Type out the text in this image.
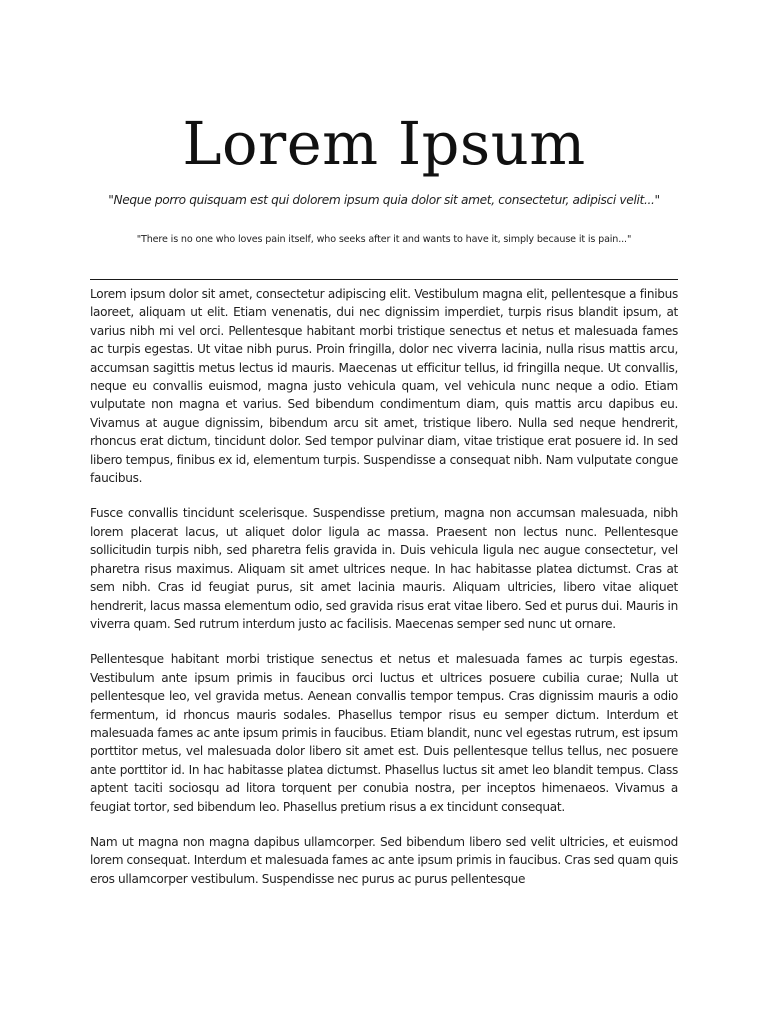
Lorem Ipsum

"Neque porro quisquam est qui dolorem ipsum quia dolor sit amet, consectetur, adipisci velit..."

"There is no one who loves pain itself, who seeks after it and wants to have it, simply because it is pain..."

Lorem ipsum dolor sit amet, consectetur adipiscing elit. Vestibulum magna elit, pellentesque a finibus laoreet, aliquam ut elit. Etiam venenatis, dui nec dignissim imperdiet, turpis risus blandit ipsum, at varius nibh mi vel orci. Pellentesque habitant morbi tristique senectus et netus et malesuada fames ac turpis egestas. Ut vitae nibh purus. Proin fringilla, dolor nec viverra lacinia, nulla risus mattis arcu, accumsan sagittis metus lectus id mauris. Maecenas ut efficitur tellus, id fringilla neque. Ut convallis, neque eu convallis euismod, magna justo vehicula quam, vel vehicula nunc neque a odio. Etiam vulputate non magna et varius. Sed bibendum condimentum diam, quis mattis arcu dapibus eu. Vivamus at augue dignissim, bibendum arcu sit amet, tristique libero. Nulla sed neque hendrerit, rhoncus erat dictum, tincidunt dolor. Sed tempor pulvinar diam, vitae tristique erat posuere id. In sed libero tempus, finibus ex id, elementum turpis. Suspendisse a consequat nibh. Nam vulputate congue faucibus.

Fusce convallis tincidunt scelerisque. Suspendisse pretium, magna non accumsan malesuada, nibh lorem placerat lacus, ut aliquet dolor ligula ac massa. Praesent non lectus nunc. Pellentesque sollicitudin turpis nibh, sed pharetra felis gravida in. Duis vehicula ligula nec augue consectetur, vel pharetra risus maximus. Aliquam sit amet ultrices neque. In hac habitasse platea dictumst. Cras at sem nibh. Cras id feugiat purus, sit amet lacinia mauris. Aliquam ultricies, libero vitae aliquet hendrerit, lacus massa elementum odio, sed gravida risus erat vitae libero. Sed et purus dui. Mauris in viverra quam. Sed rutrum interdum justo ac facilisis. Maecenas semper sed nunc ut ornare.

Pellentesque habitant morbi tristique senectus et netus et malesuada fames ac turpis egestas. Vestibulum ante ipsum primis in faucibus orci luctus et ultrices posuere cubilia curae; Nulla ut pellentesque leo, vel gravida metus. Aenean convallis tempor tempus. Cras dignissim mauris a odio fermentum, id rhoncus mauris sodales. Phasellus tempor risus eu semper dictum. Interdum et malesuada fames ac ante ipsum primis in faucibus. Etiam blandit, nunc vel egestas rutrum, est ipsum porttitor metus, vel malesuada dolor libero sit amet est. Duis pellentesque tellus tellus, nec posuere ante porttitor id. In hac habitasse platea dictumst. Phasellus luctus sit amet leo blandit tempus. Class aptent taciti sociosqu ad litora torquent per conubia nostra, per inceptos himenaeos. Vivamus a feugiat tortor, sed bibendum leo. Phasellus pretium risus a ex tincidunt consequat.

Nam ut magna non magna dapibus ullamcorper. Sed bibendum libero sed velit ultricies, et euismod lorem consequat. Interdum et malesuada fames ac ante ipsum primis in faucibus. Cras sed quam quis eros ullamcorper vestibulum. Suspendisse nec purus ac purus pellentesque
